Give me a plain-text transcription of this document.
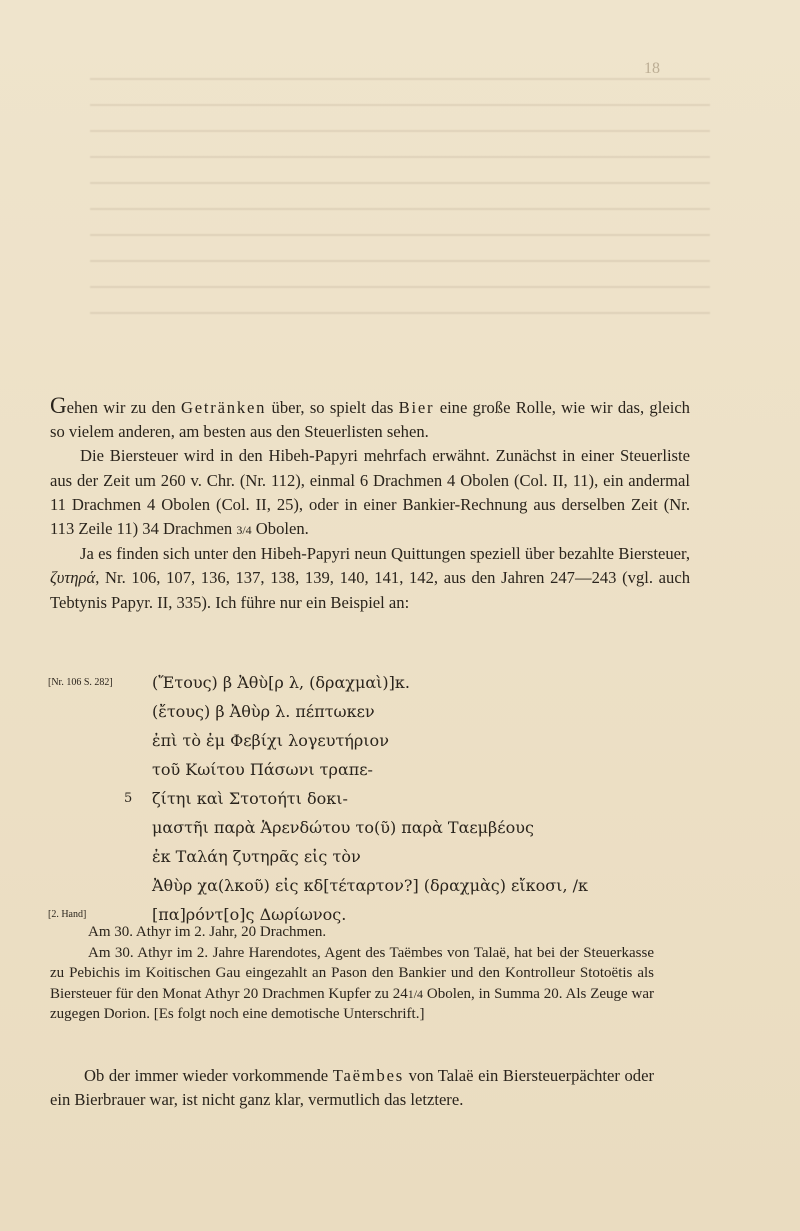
18

Gehen wir zu den Getränken über, so spielt das Bier eine große Rolle, wie wir das, gleich so vielem anderen, am besten aus den Steuerlisten sehen.

Die Biersteuer wird in den Hibeh-Papyri mehrfach erwähnt. Zunächst in einer Steuerliste aus der Zeit um 260 v. Chr. (Nr. 112), einmal 6 Drachmen 4 Obolen (Col. II, 11), ein andermal 11 Drachmen 4 Obolen (Col. II, 25), oder in einer Bankier-Rechnung aus derselben Zeit (Nr. 113 Zeile 11) 34 Drachmen 3/4 Obolen.

Ja es finden sich unter den Hibeh-Papyri neun Quittungen speziell über bezahlte Biersteuer, ζυτηρά, Nr. 106, 107, 136, 137, 138, 139, 140, 141, 142, aus den Jahren 247—243 (vgl. auch Tebtynis Papyr. II, 335). Ich führe nur ein Beispiel an:

[Nr. 106 S. 282] (Ἔτους) β Ἀθὺ[ρ λ, (δραχμαὶ)]κ.
(ἔτους) β Ἀθὺρ λ. πέπτωκεν
ἐπὶ τὸ ἐμ Φεβίχι λογευτήριον
τοῦ Κωίτου Πάσωνι τραπε-
5 ζίτηι καὶ Στοτοήτι δοκι-
μαστῆι παρὰ Ἁρενδώτου το(ῦ) παρὰ Ταεμβέους
ἐκ Ταλάη ζυτηρᾶς εἰς τὸν
Ἀθὺρ χα(λκοῦ) εἰς κδ[τέταρτον?] (δραχμὰς) εἴκοσι, /κ
[2. Hand]	[πα]ρόντ[ο]ς Δωρίωνος.

Am 30. Athyr im 2. Jahr, 20 Drachmen.

Am 30. Athyr im 2. Jahre Harendotes, Agent des Taëmbes von Talaë, hat bei der Steuerkasse zu Pebichis im Koitischen Gau eingezahlt an Pason den Bankier und den Kontrolleur Stotoëtis als Biersteuer für den Monat Athyr 20 Drachmen Kupfer zu 241/4 Obolen, in Summa 20. Als Zeuge war zugegen Dorion. [Es folgt noch eine demotische Unterschrift.]

Ob der immer wieder vorkommende Taëmbes von Talaë ein Biersteuerpächter oder ein Bierbrauer war, ist nicht ganz klar, vermutlich das letztere.
